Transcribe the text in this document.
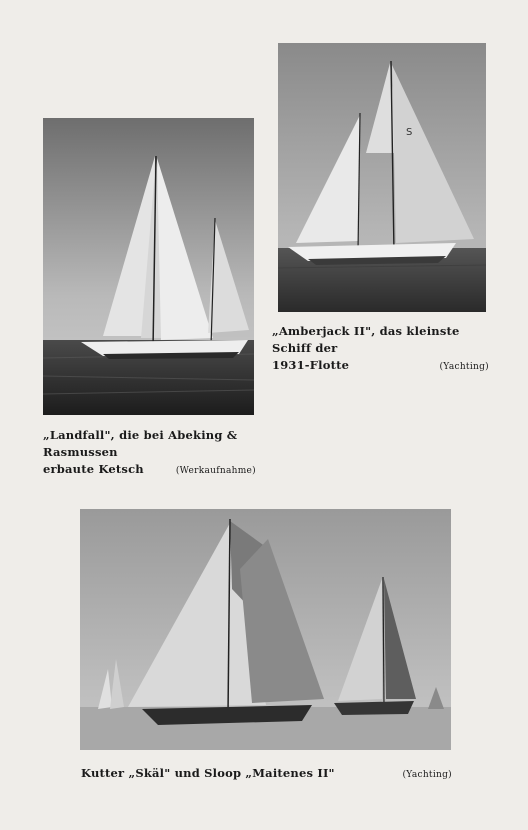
„Landfall", die bei Abeking & Rasmussen
erbaute Ketsch	(Werkaufnahme)
S
„Amberjack II", das kleinste Schiff der
1931-Flotte	(Yachting)
Kutter „Skäl" und Sloop „Maitenes II"	(Yachting)
